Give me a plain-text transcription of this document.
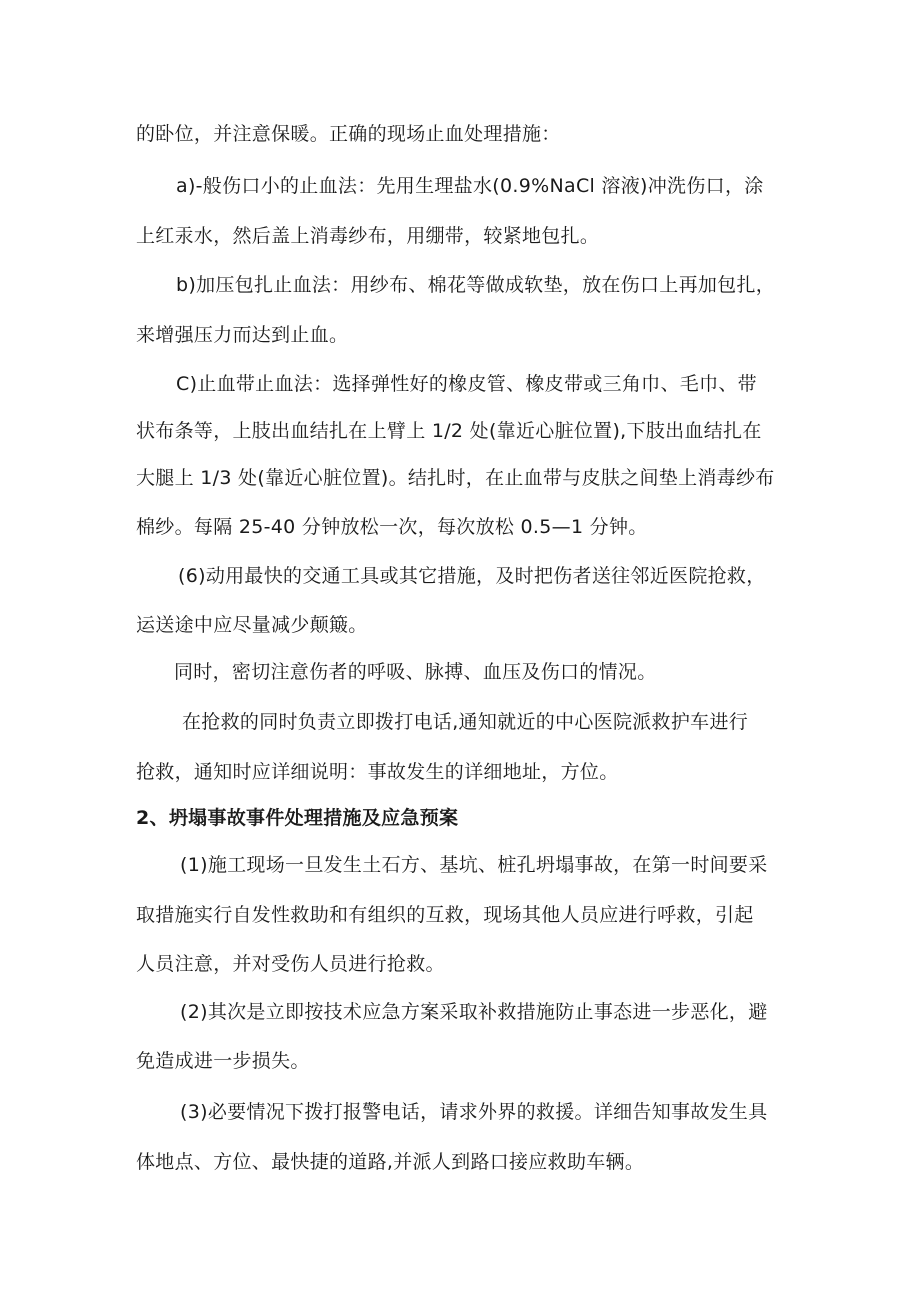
的卧位，并注意保暖。正确的现场止血处理措施：
a)-般伤口小的止血法：先用生理盐水(0.9%NaCl 溶液)冲洗伤口，涂
上红汞水，然后盖上消毒纱布，用绷带，较紧地包扎。
b)加压包扎止血法：用纱布、棉花等做成软垫，放在伤口上再加包扎，
来增强压力而达到止血。
C)止血带止血法：选择弹性好的橡皮管、橡皮带或三角巾、毛巾、带
状布条等，上肢出血结扎在上臂上 1/2 处(靠近心脏位置),下肢出血结扎在
大腿上 1/3 处(靠近心脏位置)。结扎时，在止血带与皮肤之间垫上消毒纱布
棉纱。每隔 25-40 分钟放松一次，每次放松 0.5—1 分钟。
(6)动用最快的交通工具或其它措施，及时把伤者送往邻近医院抢救，
运送途中应尽量减少颠簸。
同时，密切注意伤者的呼吸、脉搏、血压及伤口的情况。
在抢救的同时负责立即拨打电话,通知就近的中心医院派救护车进行
抢救，通知时应详细说明：事故发生的详细地址，方位。
2、坍塌事故事件处理措施及应急预案
(1)施工现场一旦发生土石方、基坑、桩孔坍塌事故，在第一时间要采
取措施实行自发性救助和有组织的互救，现场其他人员应进行呼救，引起
人员注意，并对受伤人员进行抢救。
(2)其次是立即按技术应急方案采取补救措施防止事态进一步恶化，避
免造成进一步损失。
(3)必要情况下拨打报警电话，请求外界的救援。详细告知事故发生具
体地点、方位、最快捷的道路,并派人到路口接应救助车辆。
